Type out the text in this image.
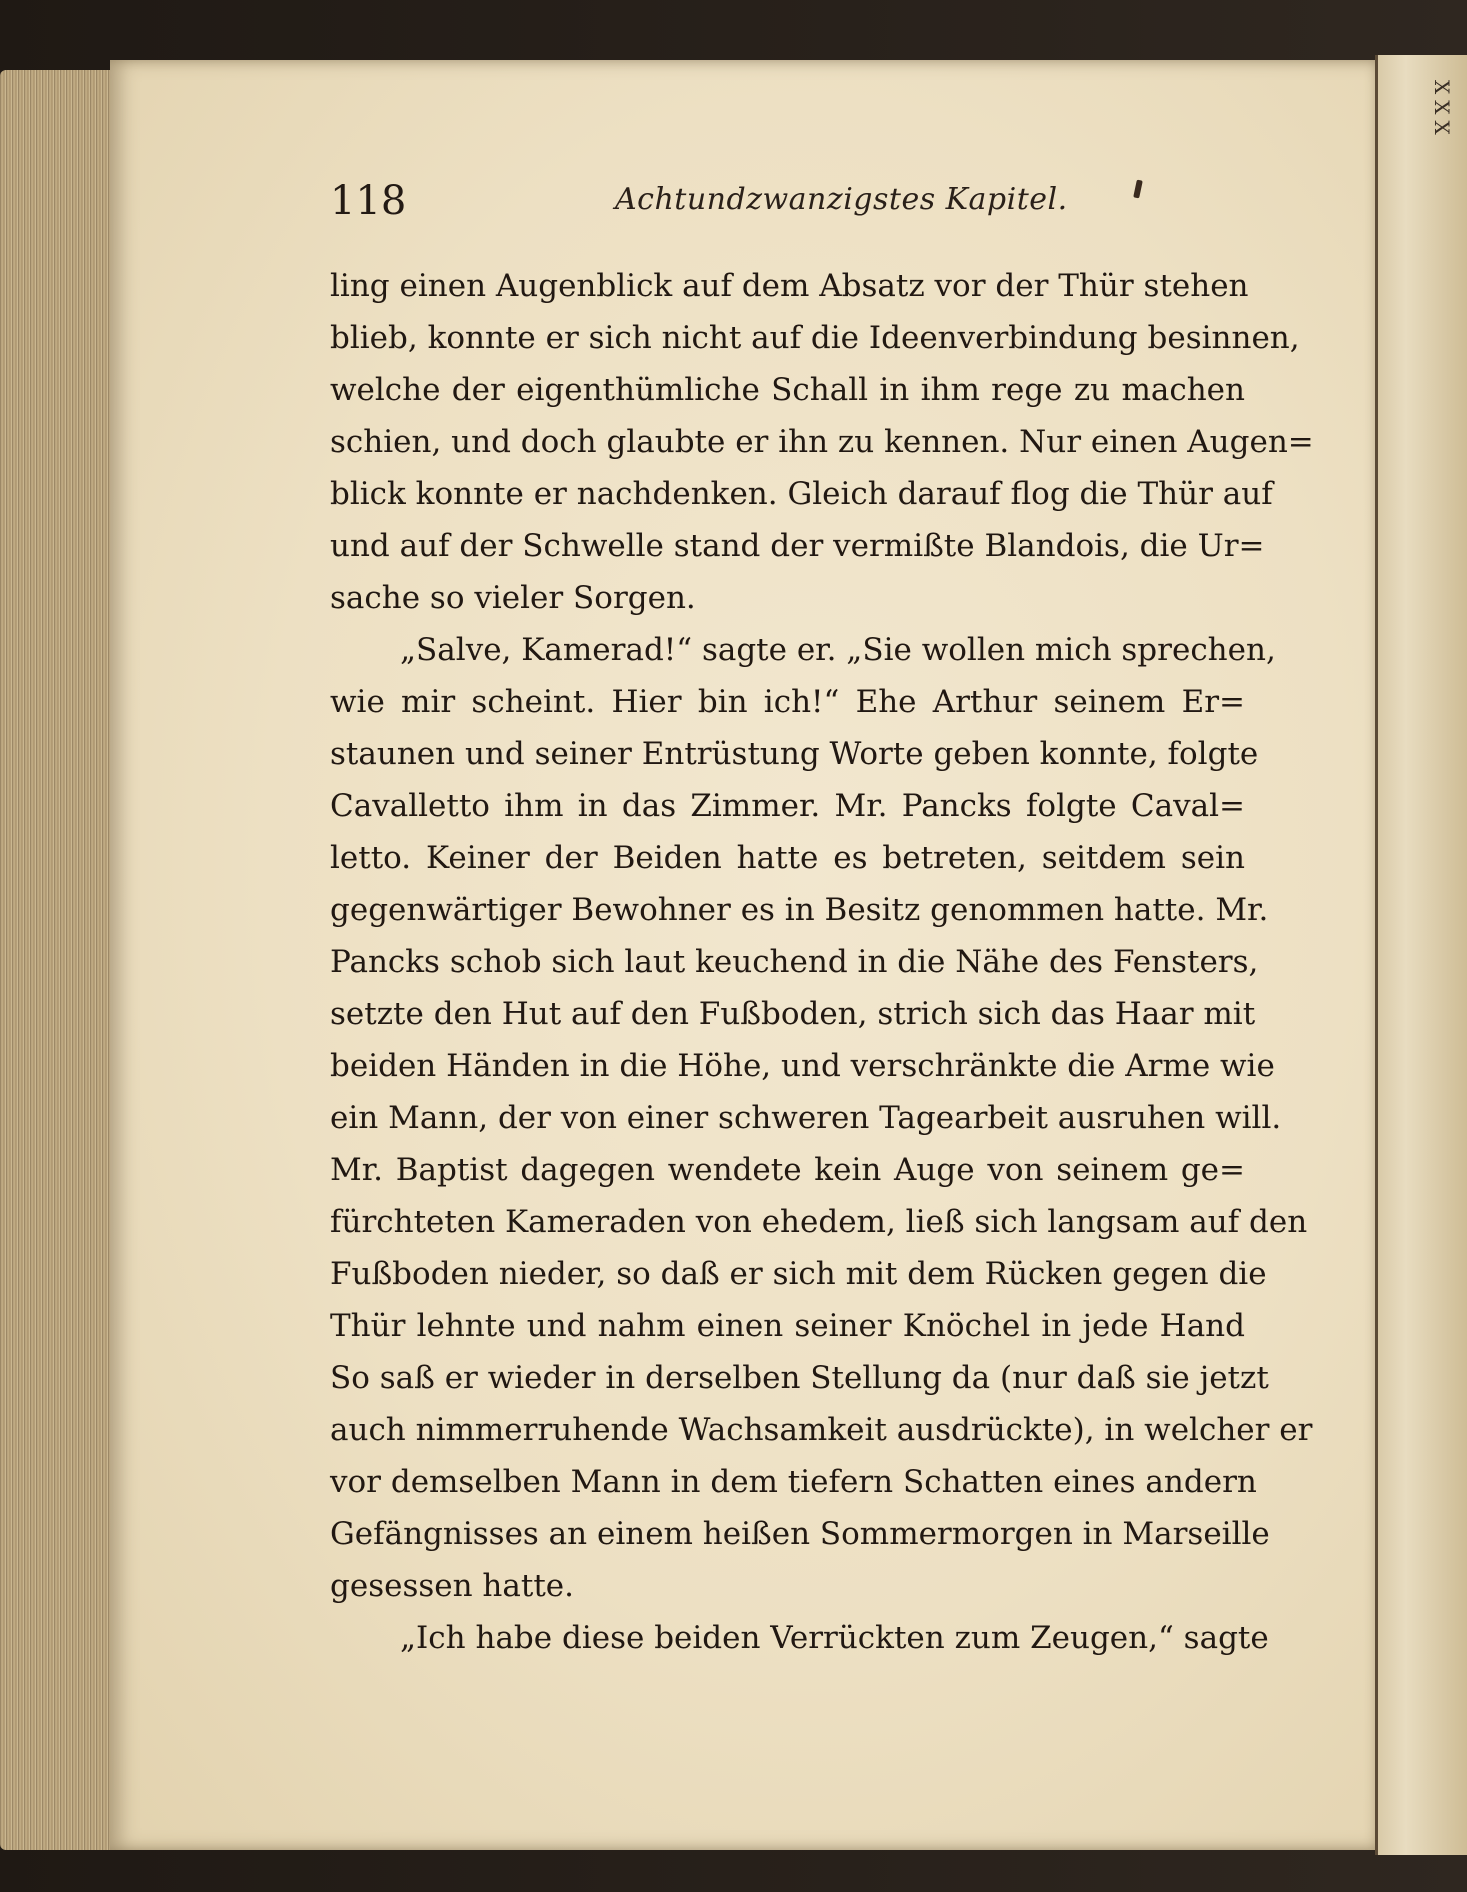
XXX
118	Achtundzwanzigstes Kapitel.
ling einen Augenblick auf dem Absatz vor der Thür stehen
blieb, konnte er sich nicht auf die Ideenverbindung besinnen,
welche der eigenthümliche Schall in ihm rege zu machen
schien, und doch glaubte er ihn zu kennen. Nur einen Augen=
blick konnte er nachdenken. Gleich darauf flog die Thür auf
und auf der Schwelle stand der vermißte Blandois, die Ur=
sache so vieler Sorgen.
„Salve, Kamerad!“ sagte er. „Sie wollen mich sprechen,
wie mir scheint. Hier bin ich!“ Ehe Arthur seinem Er=
staunen und seiner Entrüstung Worte geben konnte, folgte
Cavalletto ihm in das Zimmer. Mr. Pancks folgte Caval=
letto. Keiner der Beiden hatte es betreten, seitdem sein
gegenwärtiger Bewohner es in Besitz genommen hatte. Mr.
Pancks schob sich laut keuchend in die Nähe des Fensters,
setzte den Hut auf den Fußboden, strich sich das Haar mit
beiden Händen in die Höhe, und verschränkte die Arme wie
ein Mann, der von einer schweren Tagearbeit ausruhen will.
Mr. Baptist dagegen wendete kein Auge von seinem ge=
fürchteten Kameraden von ehedem, ließ sich langsam auf den
Fußboden nieder, so daß er sich mit dem Rücken gegen die
Thür lehnte und nahm einen seiner Knöchel in jede Hand
So saß er wieder in derselben Stellung da (nur daß sie jetzt
auch nimmerruhende Wachsamkeit ausdrückte), in welcher er
vor demselben Mann in dem tiefern Schatten eines andern
Gefängnisses an einem heißen Sommermorgen in Marseille
gesessen hatte.
„Ich habe diese beiden Verrückten zum Zeugen,“ sagte
